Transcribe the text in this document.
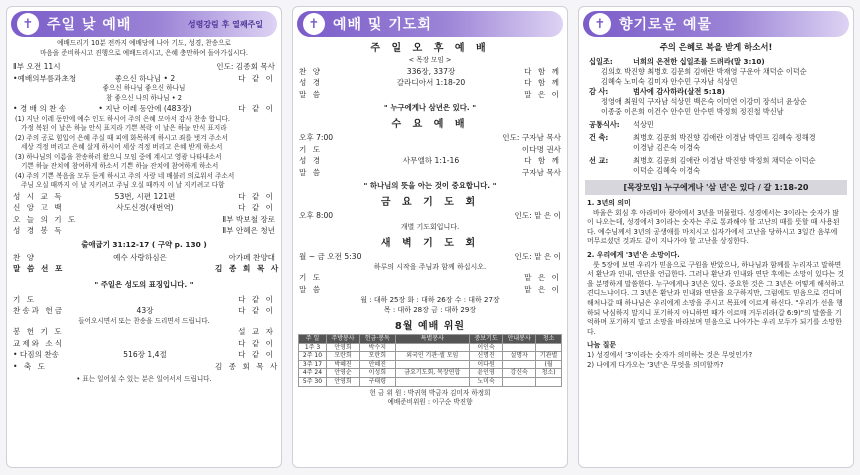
✝ 주일 낮 예배	성령강림 후 열째주일
예배드리기 10분 전까지 예배당에 나아 기도, 성경, 찬송으로
마음을 준비하시고 진행으로 예배드리시고, 은혜 충만하여 돌아가십시다.
Ⅱ부 오전 11시	인도: 김종회 목사
•예배의부름과초청	좋으신 하나님 • 2	다 같 이
좋으신 하나님 좋으신 하나님
참 좋으신 나의 하나님 • 2
• 경 배 의 찬 송	• 지난 이레 동안에 (483장)	다 같 이
(1) 지난 이레 동안에 예수 인도 하시어 주의 은혜 모아서 감사 찬송 합니다.
가정 복된 이 날은 하늘 안식 표지라 기쁜 복락 이 날은 하늘 안식 표지라
(2) 주의 공로 힘입어 은혜 주실 때 피에 화목하게 하시고 죄를 벗겨 주소서
세상 걱정 버리고 은혜 살게 하시어 세상 걱정 버리고 은혜 받게 하소서
(3) 하나님의 이름을 찬송하러 왔으니 모임 중에 계시고 영광 나타내소서
기쁜 하늘 잔치에 참여하게 하소서 기쁜 하늘 잔치에 참여하게 하소서
(4) 주의 기쁜 복음을 모두 듣게 하시고 주의 사랑 네 배불러 의로워서 주소서
주님 오실 때까지 이 날 지키려고 주님 오실 때까지 이 날 지키려고 다함
성 시 교 독	53번, 시편 121편	다 같 이
신 앙 고 백	사도신경(새번역)	다 같 이
오 늘 의 기 도	Ⅱ부 박보철 장로
성 경 봉 독	Ⅱ부 안혜은 청년
출애굽기 31:12-17 ( 구약 p. 130 )
찬 양	예수 사랑하심은	아가페 찬양대
말 씀 선 포	김 종 회 목 사
" 주일은 성도의 표징입니다. "
기 도	다 같 이
찬송과 헌금	43장	다 같 이
들어오시면서 또는 찬송을 드리면서 드립니다.
봉 헌 기 도	설 교 자
교제와 소식	다 같 이
• 다짐의 찬송	516장 1,4절	다 같 이
• 축 도	김 종 회 목 사
• 표는 일어설 수 있는 분은 일어서서 드립니다.
✝ 예배 및 기도회
주 일 오 후 예 배
< 목장 모임 >
찬 양	336장, 337장	다 함 께
성 경	갈라디아서 1:18-20	다 함 께
말 씀	말 은 이
" 누구에게나 삼년은 있다. "
수 요 예 배
오후 7:00	인도: 구자남 목사
기 도	이다명 권사
성 경	사무엘하 1:1-16	다 함 께
말 씀	구자남 목사
" 하나님의 뜻을 아는 것이 중요합니다. "
금 요 기 도 회
오후 8:00	인도: 맡 은 이
개별 기도회입니다.
새 벽 기 도 회
월 ~ 금 오전 5:30	인도: 맡 은 이
하루의 시작을 주님과 함께 하십시오.
기 도	맡 은 이
말 씀	맡 은 이
월 : 대하 25장 화 : 대하 26장 수 : 대하 27장
목 : 대하 28장 금 : 대하 29장
8월 예배 위원
주 일	주방봉사	헌금·봉독	특별봉사	중보기도	안내봉사	청소
1주 3	안영희	박수지		이인숙		
2주 10	모란희	모란희	외국인 기관·셀 모임	신명진	설명자	기관별
3주 17	박혜진	안혜진		이다원		(월
4주 24	안영순	이성희	금요기도회, 목장연합	윤인영	강신숙	청소)
5주 30	안영희	구태령		노미숙		
헌 금 위 원 : 박귀혁 박금자 김미자 하정희
예배준비위원 : 이구순 박진향
✝ 향기로운 예물
주의 은혜로 복을 받게 하소서!
십일조:	너희의 온전한 십일조를 드려라(말 3:10)
김의호 박진향 최병호 김문희 김애란 박재영 구운아 채덕순 이덕순
김혜숙 노미숙 김미자 안수민 구자남 석상민
감 사:	범사에 감사하라(살전 5:18)
정영애 최원익 구자남 석상민 백은숙 이미연 이강미 장석녀 윤상순
이종중 이은희 이건수 안수민 안수빈 박정희 정진철 박신남
공통식사:	석상민
건 축:	최병호 김문희 박진향 김애란 이경남 박민프 김혜숙 정해경
이경남 김은숙 이경숙
선 교:	최병호 김문희 김애란 이경남 박진향 박정희 채덕순 이덕순
이덕순 김혜숙 이경숙
[목장모임] 누구에게나 '삼 년'은 있다 / 갈 1:18-20
1. 3년의 의미
바울은 회심 후 아라비아 광야에서 3년을 머물렀다. 성경에서는 3이라는 숫자가 많이 나오는데, 성경에서 3이라는 숫자는 주로 통과해야 할 고난의 때를 뜻할 때 사용된다. 예수님께서 3년의 공생애를 마치시고 십자가에서 고난을 당하시고 3일간 음부에 머무르셨던 것과도 같이 지나가야 할 고난을 상징한다.
2. 우리에게 '3년'은 소망이다.
룻 5장에 보면 우리가 믿음으로 구원을 받았으나, 하나님과 함께를 누리자고 말하면서 환난과 인내, 연단을 언급한다. 그러나 환난과 인내와 연단 후에는 소망이 있다는 것을 분명하게 말씀한다. 누구에게나 3년은 있다. 중요한 것은 그 3년은 어떻게 해석하고 견디느냐이다. 그 3년은 환난과 인내와 연단을 요구하지만, 그럼에도 믿음으로 견디며 해처나갈 때 하나님은 우리에게 소망을 주시고 목표에 이르게 하신다. "우리가 선을 행하되 낙심하지 말지니 포기하지 아니하면 때가 이르매 거두리라(갈 6:9)"의 말씀을 기억하며 포기하지 말고 소망을 바라보며 믿음으로 나아가는 우리 모두가 되기를 소망한다.
나눔 질문
1) 성경에서 '3'이라는 숫자가 의미하는 것은 무엇인가?
2) 나에게 다가오는 '3년'은 무엇을 의미할까?
